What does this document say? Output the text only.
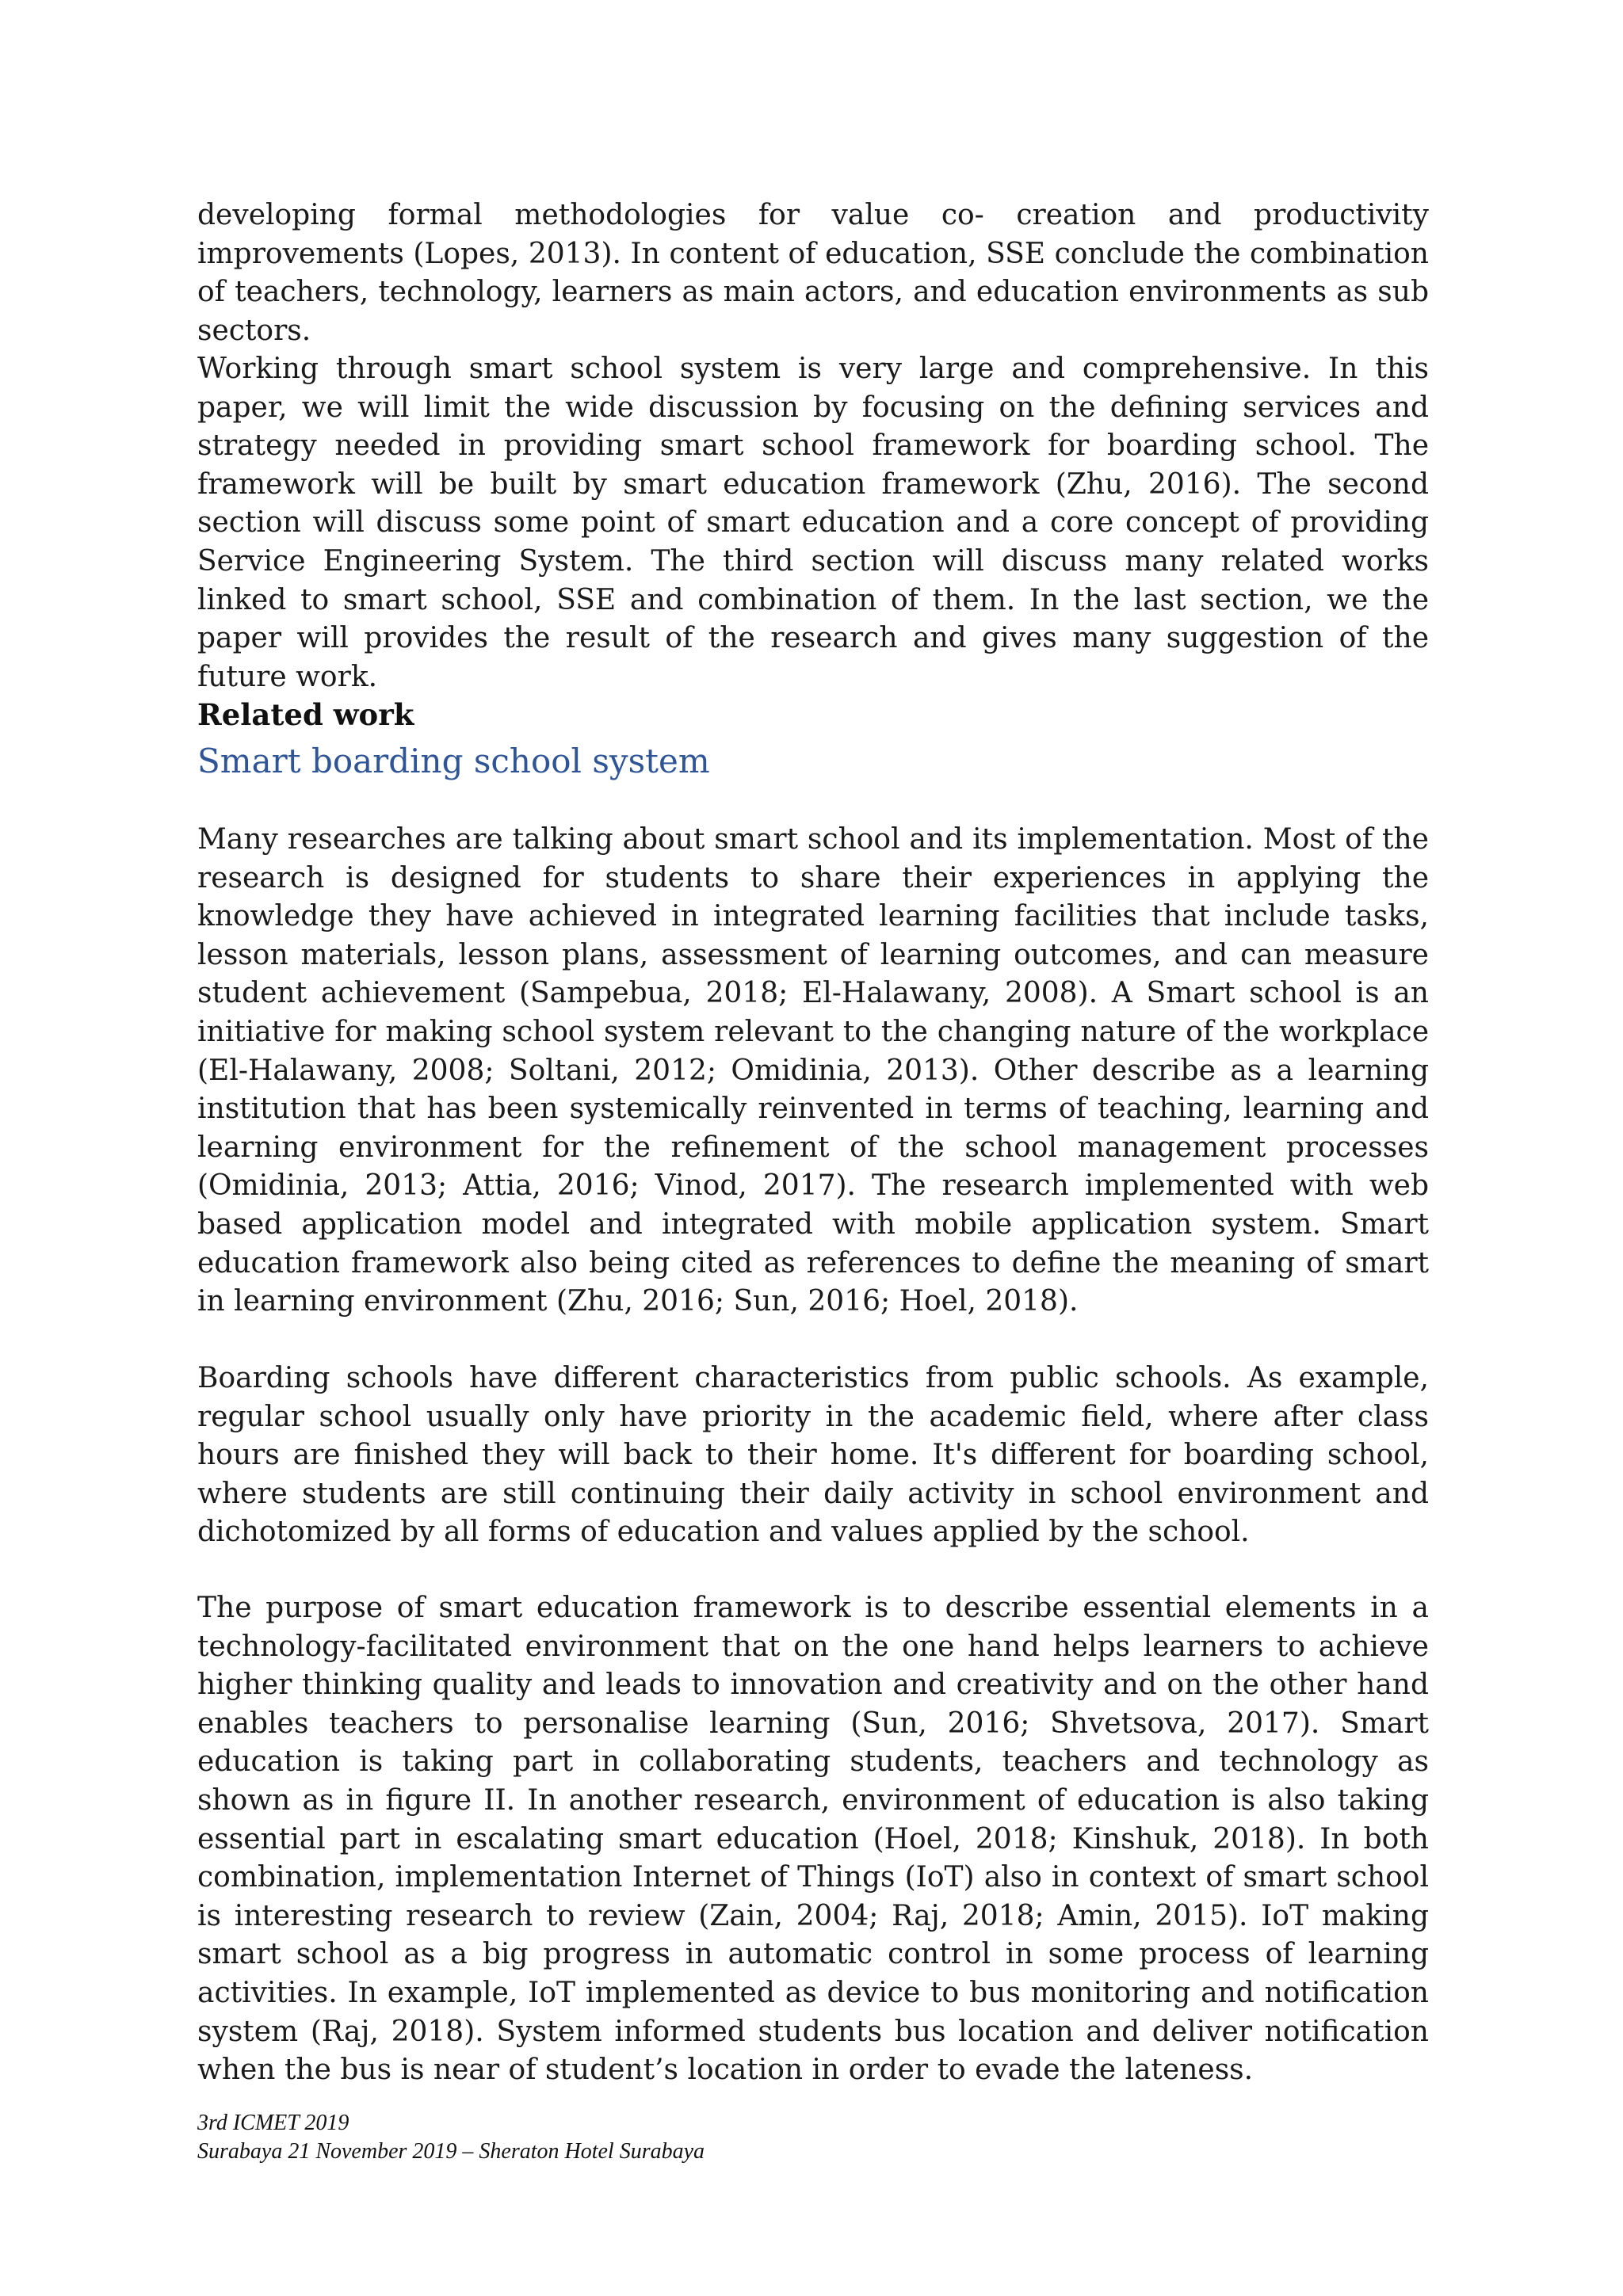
developing formal methodologies for value co- creation and productivity improvements (Lopes, 2013). In content of education, SSE conclude the combination of teachers, technology, learners as main actors, and education environments as sub sectors.

Working through smart school system is very large and comprehensive. In this paper, we will limit the wide discussion by focusing on the defining services and strategy needed in providing smart school framework for boarding school. The framework will be built by smart education framework (Zhu, 2016). The second section will discuss some point of smart education and a core concept of providing Service Engineering System. The third section will discuss many related works linked to smart school, SSE and combination of them. In the last section, we the paper will provides the result of the research and gives many suggestion of the future work.

Related work
Smart boarding school system

Many researches are talking about smart school and its implementation. Most of the research is designed for students to share their experiences in applying the knowledge they have achieved in integrated learning facilities that include tasks, lesson materials, lesson plans, assessment of learning outcomes, and can measure student achievement (Sampebua, 2018; El-Halawany, 2008). A Smart school is an initiative for making school system relevant to the changing nature of the workplace (El-Halawany, 2008; Soltani, 2012; Omidinia, 2013). Other describe as a learning institution that has been systemically reinvented in terms of teaching, learning and learning environment for the refinement of the school management processes (Omidinia, 2013; Attia, 2016; Vinod, 2017). The research implemented with web based application model and integrated with mobile application system. Smart education framework also being cited as references to define the meaning of smart in learning environment (Zhu, 2016; Sun, 2016; Hoel, 2018).

Boarding schools have different characteristics from public schools. As example, regular school usually only have priority in the academic field, where after class hours are finished they will back to their home. It's different for boarding school, where students are still continuing their daily activity in school environment and dichotomized by all forms of education and values applied by the school.

The purpose of smart education framework is to describe essential elements in a technology-facilitated environment that on the one hand helps learners to achieve higher thinking quality and leads to innovation and creativity and on the other hand enables teachers to personalise learning (Sun, 2016; Shvetsova, 2017). Smart education is taking part in collaborating students, teachers and technology as shown as in figure II. In another research, environment of education is also taking essential part in escalating smart education (Hoel, 2018; Kinshuk, 2018). In both combination, implementation Internet of Things (IoT) also in context of smart school is interesting research to review (Zain, 2004; Raj, 2018; Amin, 2015). IoT making smart school as a big progress in automatic control in some process of learning activities. In example, IoT implemented as device to bus monitoring and notification system (Raj, 2018). System informed students bus location and deliver notification when the bus is near of student’s location in order to evade the lateness.

3rd ICMET 2019
Surabaya 21 November 2019 – Sheraton Hotel Surabaya
